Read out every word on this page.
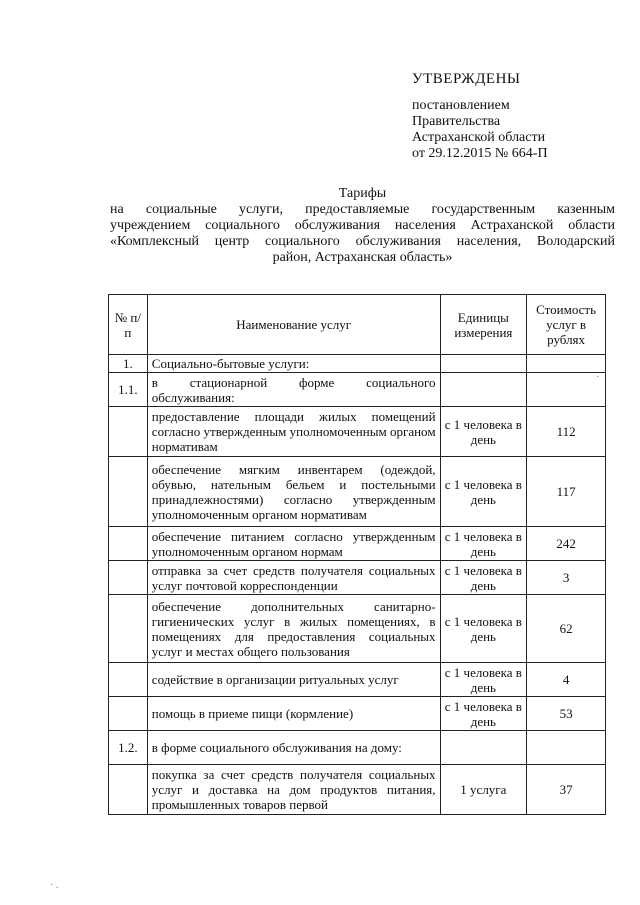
УТВЕРЖДЕНЫ
постановлением
Правительства
Астраханской области
от 29.12.2015 № 664-П
Тарифы
на социальные услуги, предоставляемые государственным казенным
учреждением социального обслуживания населения Астраханской области
«Комплексный центр социального обслуживания населения, Володарский
район, Астраханская область»
№ п/п	Наименование услуг	Единицы измерения	Стоимость услуг в рублях
1.	Социально-бытовые услуги:		
1.1.	в стационарной форме социального обслуживания:		
	предоставление площади жилых помещений согласно утвержденным уполномоченным органом нормативам	с 1 человека в день	112
	обеспечение мягким инвентарем (одеждой, обувью, нательным бельем и постельными принадлежностями) согласно утвержденным уполномоченным органом нормативам	с 1 человека в день	117
	обеспечение питанием согласно утвержденным уполномоченным органом нормам	с 1 человека в день	242
	отправка за счет средств получателя социальных услуг почтовой корреспонденции	с 1 человека в день	3
	обеспечение дополнительных санитарно-гигиенических услуг в жилых помещениях, в помещениях для предоставления социальных услуг и местах общего пользования	с 1 человека в день	62
	содействие в организации ритуальных услуг	с 1 человека в день	4
	помощь в приеме пищи (кормление)	с 1 человека в день	53
1.2.	в форме социального обслуживания на дому:		
	покупка за счет средств получателя социальных услуг и доставка на дом продуктов питания, промышленных товаров первой	1 услуга	37
·
· .
